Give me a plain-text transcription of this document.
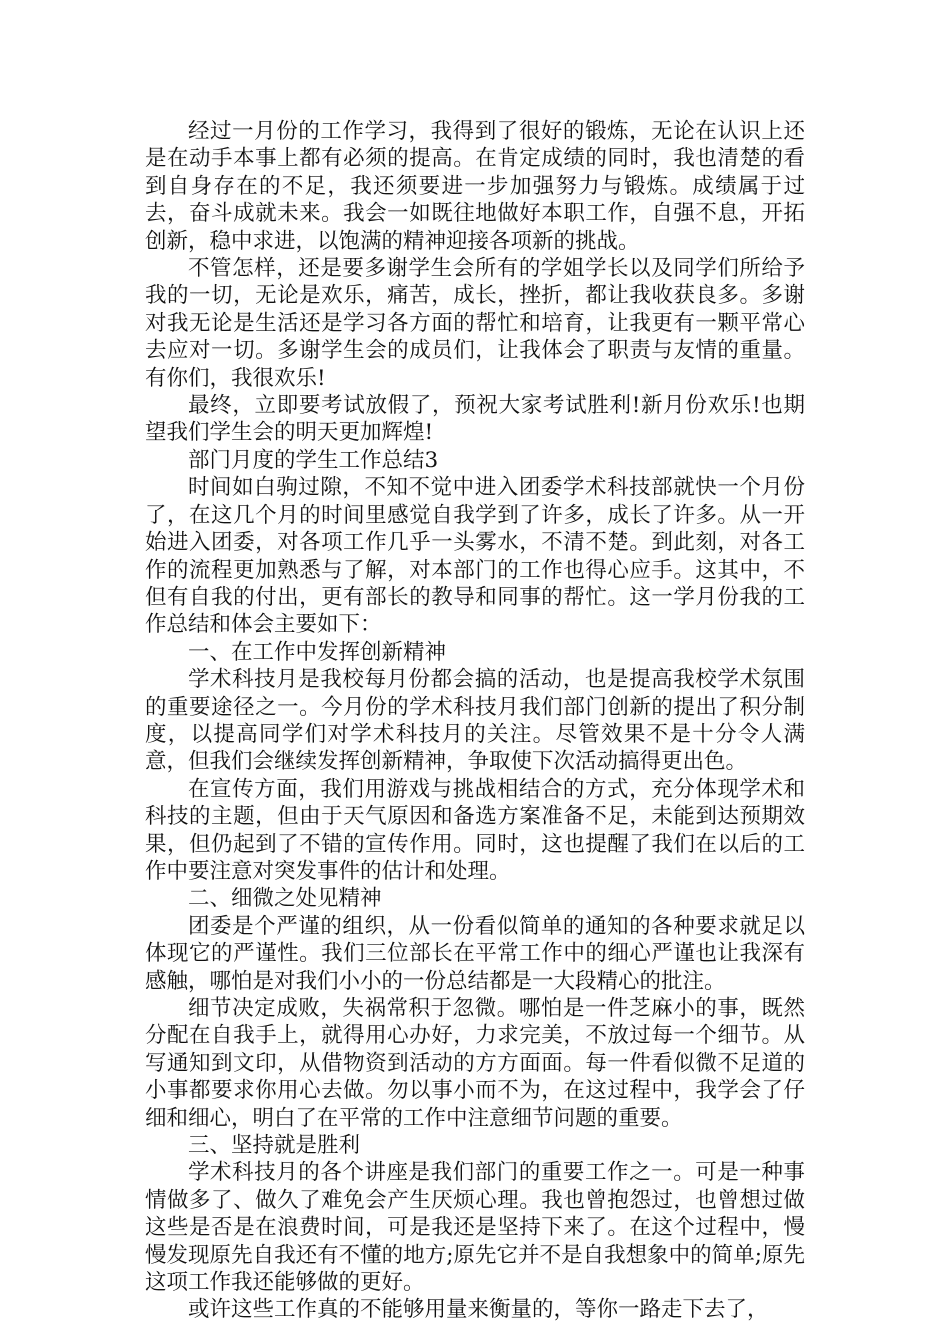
经过一月份的工作学习，我得到了很好的锻炼，无论在认识上还是在动手本事上都有必须的提高。在肯定成绩的同时，我也清楚的看到自身存在的不足，我还须要进一步加强努力与锻炼。成绩属于过去，奋斗成就未来。我会一如既往地做好本职工作，自强不息，开拓创新，稳中求进，以饱满的精神迎接各项新的挑战。

不管怎样，还是要多谢学生会所有的学姐学长以及同学们所给予我的一切，无论是欢乐，痛苦，成长，挫折，都让我收获良多。多谢对我无论是生活还是学习各方面的帮忙和培育，让我更有一颗平常心去应对一切。多谢学生会的成员们，让我体会了职责与友情的重量。有你们，我很欢乐!

最终，立即要考试放假了，预祝大家考试胜利!新月份欢乐!也期望我们学生会的明天更加辉煌!

部门月度的学生工作总结3

时间如白驹过隙，不知不觉中进入团委学术科技部就快一个月份了，在这几个月的时间里感觉自我学到了许多，成长了许多。从一开始进入团委，对各项工作几乎一头雾水，不清不楚。到此刻，对各工作的流程更加熟悉与了解，对本部门的工作也得心应手。这其中，不但有自我的付出，更有部长的教导和同事的帮忙。这一学月份我的工作总结和体会主要如下：

一、在工作中发挥创新精神

学术科技月是我校每月份都会搞的活动，也是提高我校学术氛围的重要途径之一。今月份的学术科技月我们部门创新的提出了积分制度，以提高同学们对学术科技月的关注。尽管效果不是十分令人满意，但我们会继续发挥创新精神，争取使下次活动搞得更出色。

在宣传方面，我们用游戏与挑战相结合的方式，充分体现学术和科技的主题，但由于天气原因和备选方案准备不足，未能到达预期效果，但仍起到了不错的宣传作用。同时，这也提醒了我们在以后的工作中要注意对突发事件的估计和处理。

二、细微之处见精神

团委是个严谨的组织，从一份看似简单的通知的各种要求就足以体现它的严谨性。我们三位部长在平常工作中的细心严谨也让我深有感触，哪怕是对我们小小的一份总结都是一大段精心的批注。

细节决定成败，失祸常积于忽微。哪怕是一件芝麻小的事，既然分配在自我手上，就得用心办好，力求完美，不放过每一个细节。从写通知到文印，从借物资到活动的方方面面。每一件看似微不足道的小事都要求你用心去做。勿以事小而不为，在这过程中，我学会了仔细和细心，明白了在平常的工作中注意细节问题的重要。

三、坚持就是胜利

学术科技月的各个讲座是我们部门的重要工作之一。可是一种事情做多了、做久了难免会产生厌烦心理。我也曾抱怨过，也曾想过做这些是否是在浪费时间，可是我还是坚持下来了。在这个过程中，慢慢发现原先自我还有不懂的地方;原先它并不是自我想象中的简单;原先这项工作我还能够做的更好。

或许这些工作真的不能够用量来衡量的，等你一路走下去了，
